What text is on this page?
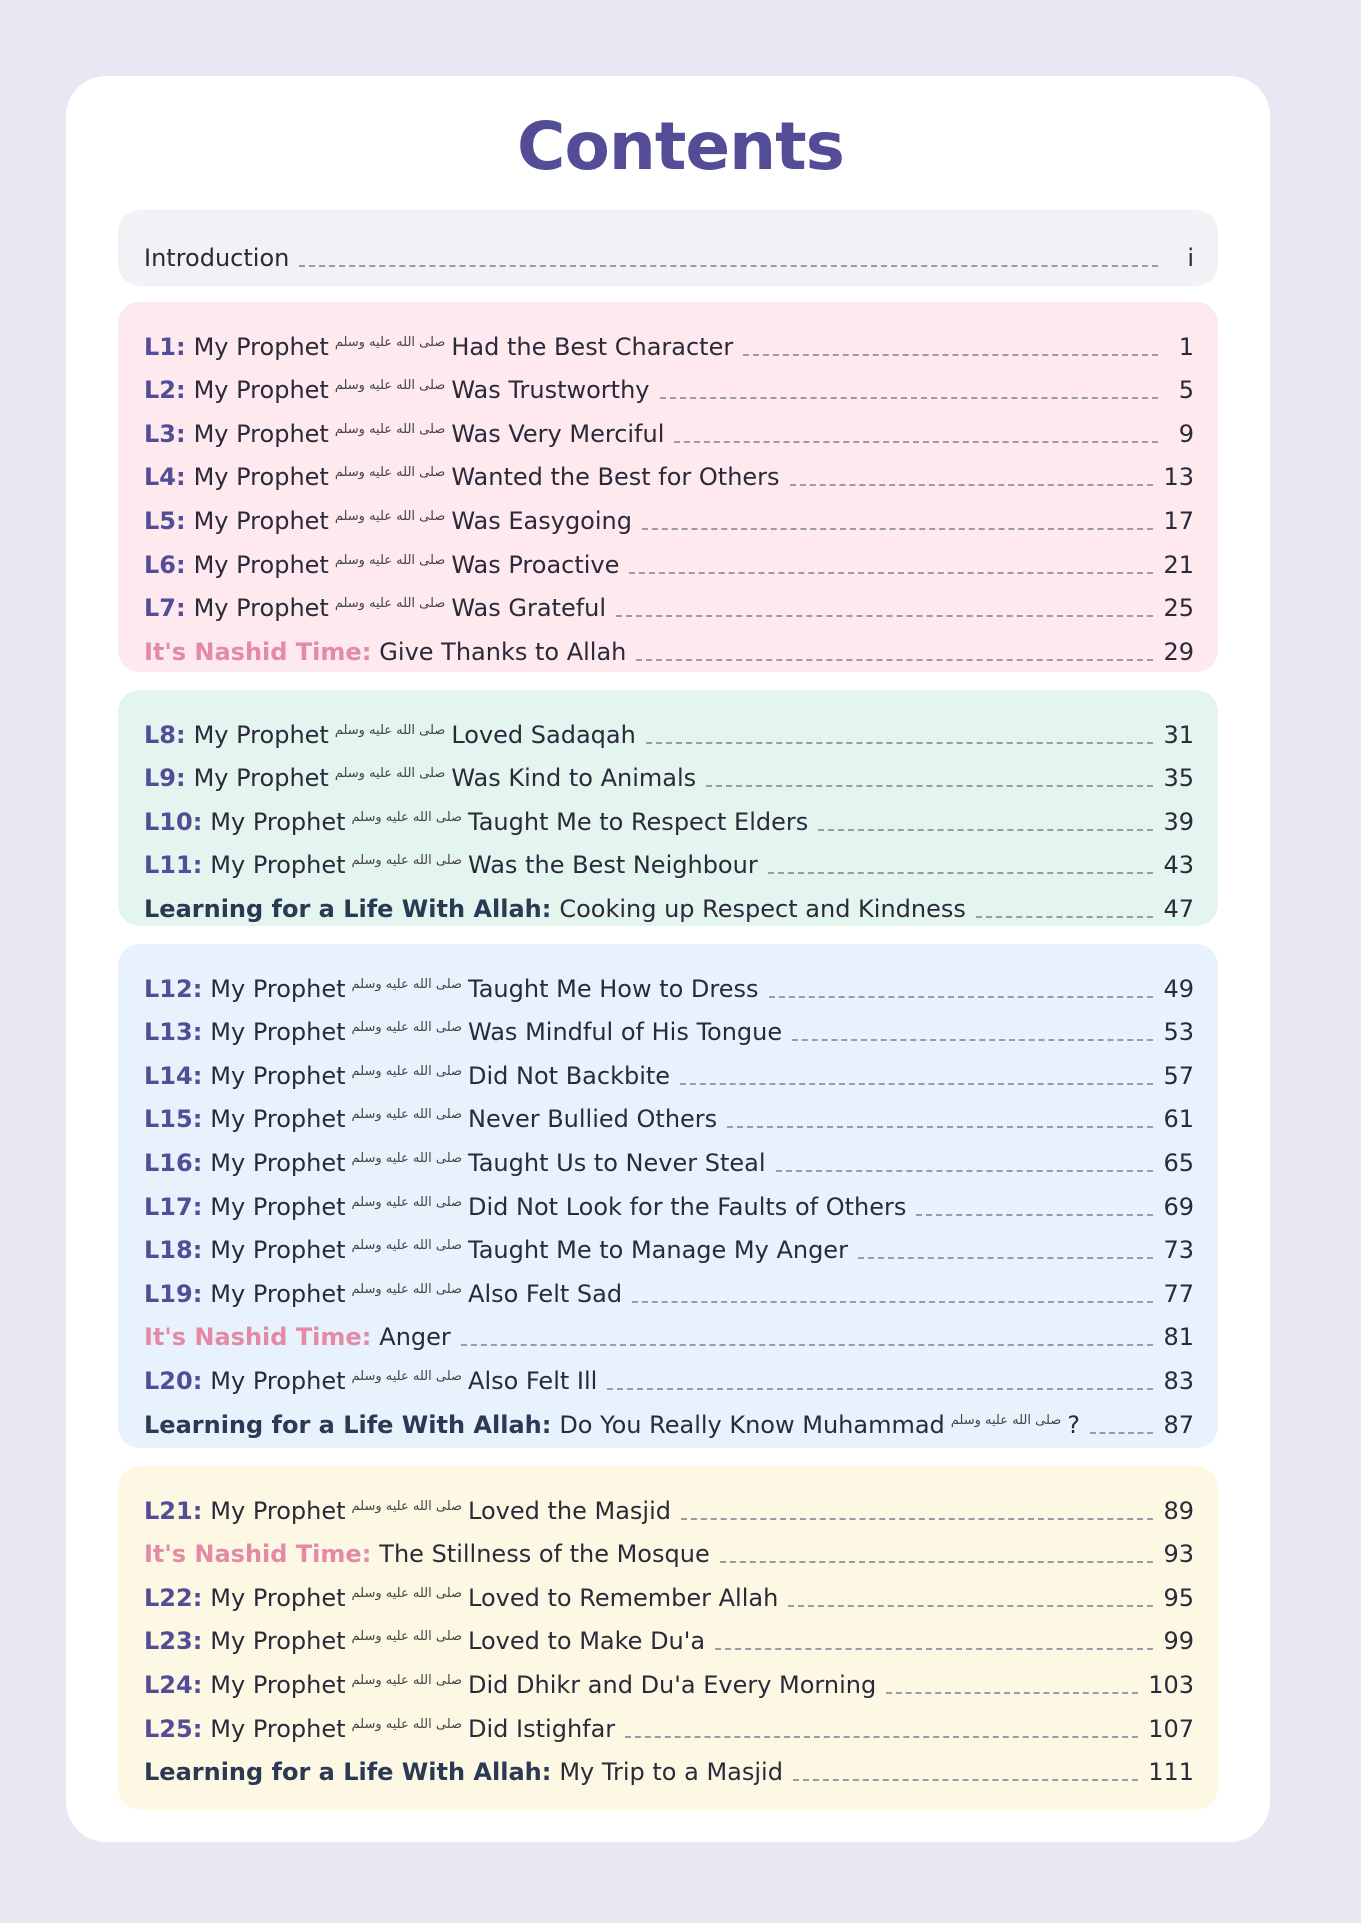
Contents
Introduction	i
L1: My Prophet صلى الله عليه وسلم Had the Best Character	1
L2: My Prophet صلى الله عليه وسلم Was Trustworthy	5
L3: My Prophet صلى الله عليه وسلم Was Very Merciful	9
L4: My Prophet صلى الله عليه وسلم Wanted the Best for Others	13
L5: My Prophet صلى الله عليه وسلم Was Easygoing	17
L6: My Prophet صلى الله عليه وسلم Was Proactive	21
L7: My Prophet صلى الله عليه وسلم Was Grateful	25
It's Nashid Time: Give Thanks to Allah	29
L8: My Prophet صلى الله عليه وسلم Loved Sadaqah	31
L9: My Prophet صلى الله عليه وسلم Was Kind to Animals	35
L10: My Prophet صلى الله عليه وسلم Taught Me to Respect Elders	39
L11: My Prophet صلى الله عليه وسلم Was the Best Neighbour	43
Learning for a Life With Allah: Cooking up Respect and Kindness	47
L12: My Prophet صلى الله عليه وسلم Taught Me How to Dress	49
L13: My Prophet صلى الله عليه وسلم Was Mindful of His Tongue	53
L14: My Prophet صلى الله عليه وسلم Did Not Backbite	57
L15: My Prophet صلى الله عليه وسلم Never Bullied Others	61
L16: My Prophet صلى الله عليه وسلم Taught Us to Never Steal	65
L17: My Prophet صلى الله عليه وسلم Did Not Look for the Faults of Others	69
L18: My Prophet صلى الله عليه وسلم Taught Me to Manage My Anger	73
L19: My Prophet صلى الله عليه وسلم Also Felt Sad	77
It's Nashid Time: Anger	81
L20: My Prophet صلى الله عليه وسلم Also Felt Ill	83
Learning for a Life With Allah: Do You Really Know Muhammad صلى الله عليه وسلم ?	87
L21: My Prophet صلى الله عليه وسلم Loved the Masjid	89
It's Nashid Time: The Stillness of the Mosque	93
L22: My Prophet صلى الله عليه وسلم Loved to Remember Allah	95
L23: My Prophet صلى الله عليه وسلم Loved to Make Du'a	99
L24: My Prophet صلى الله عليه وسلم Did Dhikr and Du'a Every Morning	103
L25: My Prophet صلى الله عليه وسلم Did Istighfar	107
Learning for a Life With Allah: My Trip to a Masjid	111
